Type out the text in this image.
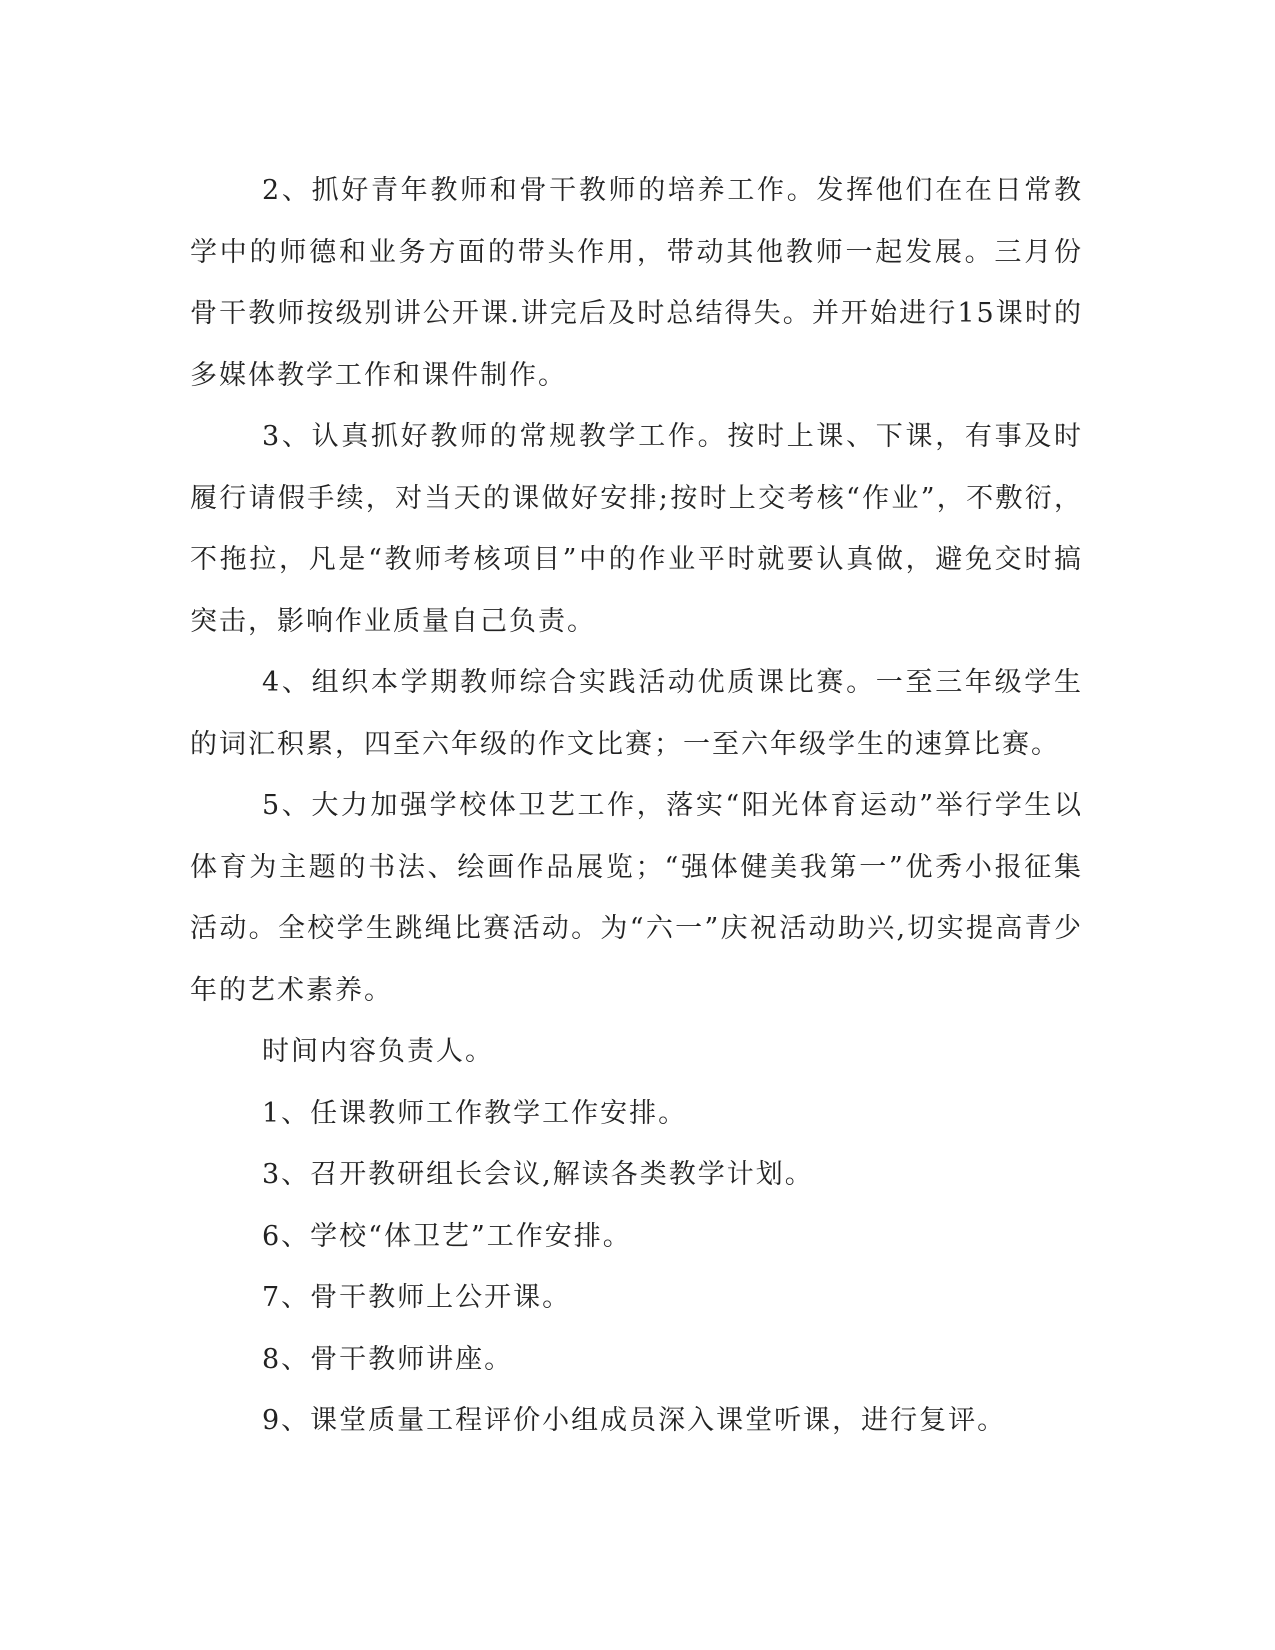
2、抓好青年教师和骨干教师的培养工作。发挥他们在在日常教学中的师德和业务方面的带头作用，带动其他教师一起发展。三月份骨干教师按级别讲公开课.讲完后及时总结得失。并开始进行15课时的多媒体教学工作和课件制作。

3、认真抓好教师的常规教学工作。按时上课、下课，有事及时履行请假手续，对当天的课做好安排;按时上交考核“作业”，不敷衍，不拖拉，凡是“教师考核项目”中的作业平时就要认真做，避免交时搞突击，影响作业质量自己负责。

4、组织本学期教师综合实践活动优质课比赛。一至三年级学生的词汇积累，四至六年级的作文比赛；一至六年级学生的速算比赛。

5、大力加强学校体卫艺工作，落实“阳光体育运动”举行学生以体育为主题的书法、绘画作品展览；“强体健美我第一”优秀小报征集活动。全校学生跳绳比赛活动。为“六一”庆祝活动助兴,切实提高青少年的艺术素养。

时间内容负责人。

1、任课教师工作教学工作安排。

3、召开教研组长会议,解读各类教学计划。

6、学校“体卫艺”工作安排。

7、骨干教师上公开课。

8、骨干教师讲座。

9、课堂质量工程评价小组成员深入课堂听课，进行复评。
